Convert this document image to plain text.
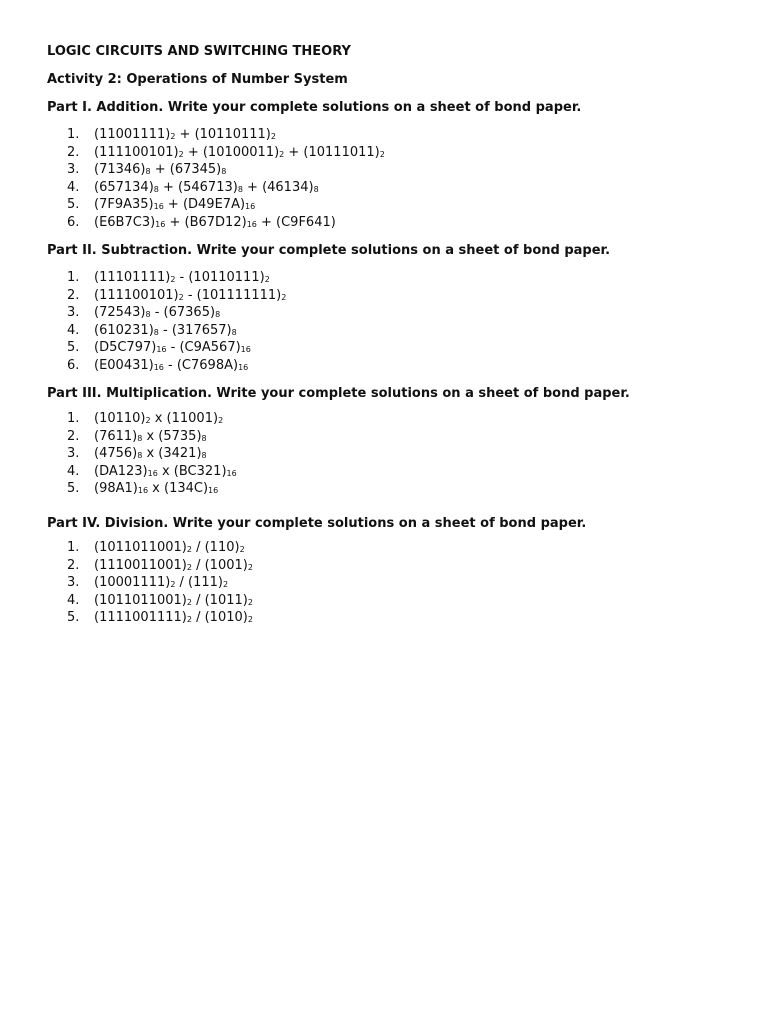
LOGIC CIRCUITS AND SWITCHING THEORY
Activity 2: Operations of Number System
Part I. Addition. Write your complete solutions on a sheet of bond paper.
1. $(11001111)_2 + (10110111)_2$
2. $(111100101)_2 + (10100011)_2 + (10111011)_2$
3. $(71346)_8 + (67345)_8$
4. $(657134)_8 + (546713)_8 + (46134)_8$
5. $(7F9A35)_{16} + (D49E7A)_{16}$
6. $(E6B7C3)_{16} + (B67D12)_{16} + (C9F641)$
Part II. Subtraction. Write your complete solutions on a sheet of bond paper.
1. $(11101111)_2 - (10110111)_2$
2. $(111100101)_2 - (101111111)_2$
3. $(72543)_8 - (67365)_8$
4. $(610231)_8 - (317657)_8$
5. $(D5C797)_{16} - (C9A567)_{16}$
6. $(E00431)_{16} - (C7698A)_{16}$
Part III. Multiplication. Write your complete solutions on a sheet of bond paper.
1. $(10110)_2$ x $(11001)_2$
2. $(7611)_8$ x $(5735)_8$
3. $(4756)_8$ x $(3421)_8$
4. $(DA123)_{16}$ x $(BC321)_{16}$
5. $(98A1)_{16}$ x $(134C)_{16}$
Part IV. Division. Write your complete solutions on a sheet of bond paper.
1. $(1011011001)_2 / (110)_2$
2. $(1110011001)_2 / (1001)_2$
3. $(10001111)_2 / (111)_2$
4. $(1011011001)_2 / (1011)_2$
5. $(1111001111)_2 / (1010)_2$
